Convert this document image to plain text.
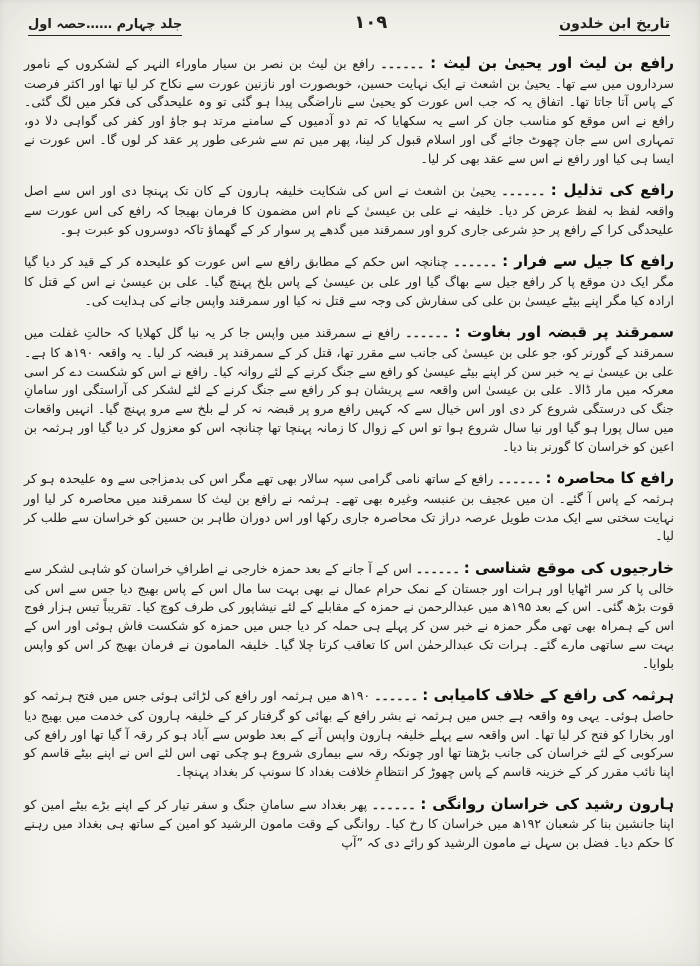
تاریخ ابن خلدون
۱۰۹
جلد چہارم ……حصہ اول

رافع بن لیث اور یحییٰ بن لیث : ۔۔۔۔۔۔ رافع بن لیث بن نصر بن سیار ماوراء النہر کے لشکروں کے نامور سرداروں میں سے تھا۔ یحییٰ بن اشعث نے ایک نہایت حسین، خوبصورت اور نازنین عورت سے نکاح کر لیا تھا اور اکثر فرصت کے پاس آتا جاتا تھا۔ اتفاق یہ کہ جب اس عورت کو یحییٰ سے ناراضگی پیدا ہو گئی تو وہ علیحدگی کی فکر میں لگ گئی۔ رافع نے اس موقع کو مناسب جان کر اسے یہ سکھایا کہ تم دو آدمیوں کے سامنے مرتد ہو جاؤ اور کفر کی گواہی دلا دو، تمہاری اس سے جان چھوٹ جائے گی اور اسلام قبول کر لینا، پھر میں تم سے شرعی طور پر عقد کر لوں گا۔ اس عورت نے ایسا ہی کیا اور رافع نے اس سے عقد بھی کر لیا۔

رافع کی تذلیل : ۔۔۔۔۔۔ یحییٰ بن اشعث نے اس کی شکایت خلیفہ ہارون کے کان تک پہنچا دی اور اس سے اصل واقعہ لفظ بہ لفظ عرض کر دیا۔ خلیفہ نے علی بن عیسیٰ کے نام اس مضمون کا فرمان بھیجا کہ رافع کی اس عورت سے علیحدگی کرا کے رافع پر حدِ شرعی جاری کرو اور سمرقند میں گدھے پر سوار کر کے گھماؤ تاکہ دوسروں کو عبرت ہو۔

رافع کا جیل سے فرار : ۔۔۔۔۔۔ چنانچہ اس حکم کے مطابق رافع سے اس عورت کو علیحدہ کر کے قید کر دیا گیا مگر ایک دن موقع پا کر رافع جیل سے بھاگ گیا اور علی بن عیسیٰ کے پاس بلخ پہنچ گیا۔ علی بن عیسیٰ نے اس کے قتل کا ارادہ کیا مگر اپنے بیٹے عیسیٰ بن علی کی سفارش کی وجہ سے قتل نہ کیا اور سمرقند واپس جانے کی ہدایت کی۔

سمرقند پر قبضہ اور بغاوت : ۔۔۔۔۔۔ رافع نے سمرقند میں واپس جا کر یہ نیا گل کھلایا کہ حالتِ غفلت میں سمرقند کے گورنر کو، جو علی بن عیسیٰ کی جانب سے مقرر تھا، قتل کر کے سمرقند پر قبضہ کر لیا۔ یہ واقعہ ۱۹۰ھ کا ہے۔ علی بن عیسیٰ نے یہ خبر سن کر اپنے بیٹے عیسیٰ کو رافع سے جنگ کرنے کے لئے روانہ کیا۔ رافع نے اس کو شکست دے کر اسی معرکہ میں مار ڈالا۔ علی بن عیسیٰ اس واقعہ سے پریشان ہو کر رافع سے جنگ کرنے کے لئے لشکر کی آراستگی اور سامانِ جنگ کی درستگی شروع کر دی اور اس خیال سے کہ کہیں رافع مرو پر قبضہ نہ کر لے بلخ سے مرو پہنچ گیا۔ انہیں واقعات میں سال پورا ہو گیا اور نیا سال شروع ہوا تو اس کے زوال کا زمانہ پہنچا تھا چنانچہ اس کو معزول کر دیا گیا اور ہرثمہ بن اعین کو خراسان کا گورنر بنا دیا۔

رافع کا محاصرہ : ۔۔۔۔۔۔ رافع کے ساتھ نامی گرامی سپہ سالار بھی تھے مگر اس کی بدمزاجی سے وہ علیحدہ ہو کر ہرثمہ کے پاس آ گئے۔ ان میں عجیف بن عنبسہ وغیرہ بھی تھے۔ ہرثمہ نے رافع بن لیث کا سمرقند میں محاصرہ کر لیا اور نہایت سختی سے ایک مدت طویل عرصہ دراز تک محاصرہ جاری رکھا اور اس دوران طاہر بن حسین کو خراسان سے طلب کر لیا۔

خارجیوں کی موقع شناسی : ۔۔۔۔۔۔ اس کے آ جانے کے بعد حمزہ خارجی نے اطرافِ خراسان کو شاہی لشکر سے خالی پا کر سر اٹھایا اور ہرات اور جستان کے نمک حرام عمال نے بھی بہت سا مال اس کے پاس بھیج دیا جس سے اس کی قوت بڑھ گئی۔ اس کے بعد ۱۹۵ھ میں عبدالرحمن نے حمزہ کے مقابلے کے لئے نیشاپور کی طرف کوچ کیا۔ تقریباً تیس ہزار فوج اس کے ہمراہ بھی تھی مگر حمزہ نے خبر سن کر پہلے ہی حملہ کر دیا جس میں حمزہ کو شکست فاش ہوئی اور اس کے بہت سے ساتھی مارے گئے۔ ہرات تک عبدالرحمٰن اس کا تعاقب کرتا چلا گیا۔ خلیفہ المامون نے فرمان بھیج کر اس کو واپس بلوایا۔

ہرثمہ کی رافع کے خلاف کامیابی : ۔۔۔۔۔۔ ۱۹۰ھ میں ہرثمہ اور رافع کی لڑائی ہوئی جس میں فتح ہرثمہ کو حاصل ہوئی۔ یہی وہ واقعہ ہے جس میں ہرثمہ نے بشر رافع کے بھائی کو گرفتار کر کے خلیفہ ہارون کی خدمت میں بھیج دیا اور بخارا کو فتح کر لیا تھا۔ اس واقعہ سے پہلے خلیفہ ہارون واپس آنے کے بعد طوس سے آباد ہو کر رقہ آ گیا تھا اور رافع کی سرکوبی کے لئے خراسان کی جانب بڑھتا تھا اور چونکہ رقہ سے بیماری شروع ہو چکی تھی اس لئے اس نے اپنے بیٹے قاسم کو اپنا نائب مقرر کر کے خزینہ قاسم کے پاس چھوڑ کر انتظامِ خلافت بغداد کا سونپ کر بغداد پہنچا۔

ہارون رشید کی خراسان روانگی : ۔۔۔۔۔۔ پھر بغداد سے سامانِ جنگ و سفر تیار کر کے اپنے بڑے بیٹے امین کو اپنا جانشین بنا کر شعبان ۱۹۲ھ میں خراسان کا رخ کیا۔ روانگی کے وقت مامون الرشید کو امین کے ساتھ ہی بغداد میں رہنے کا حکم دیا۔ فضل بن سہل نے مامون الرشید کو رائے دی کہ ”آپ
